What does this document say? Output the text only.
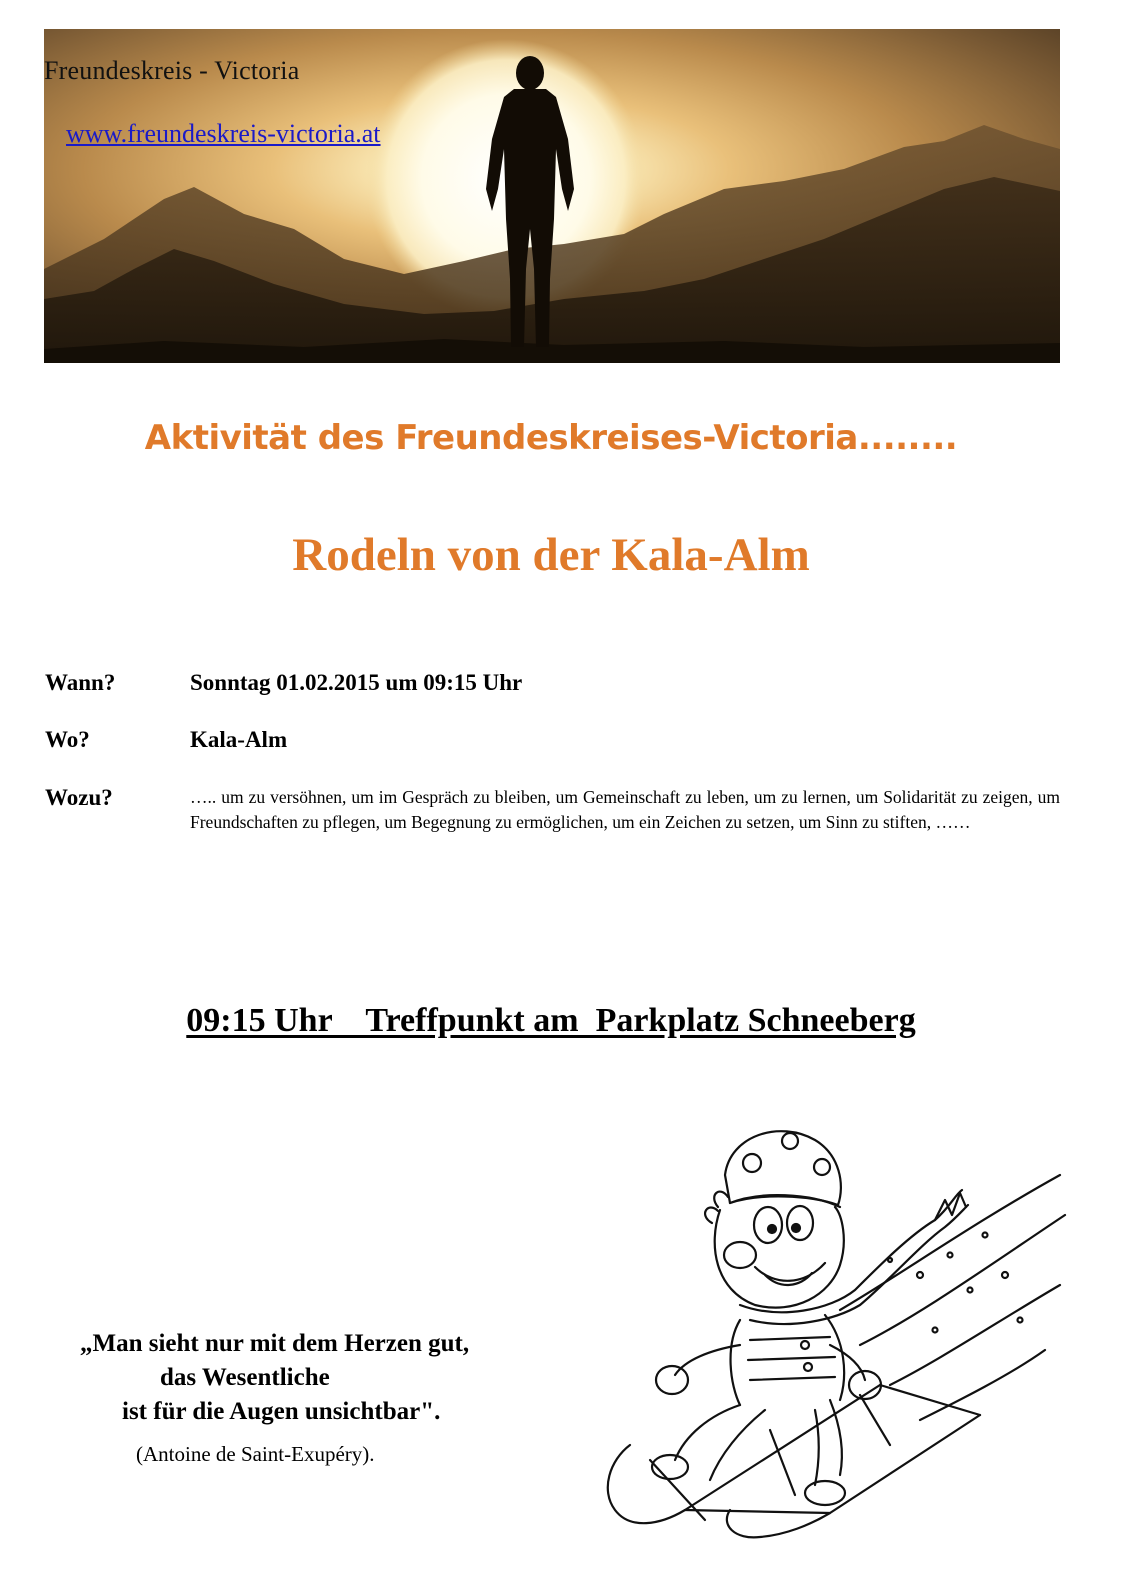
Freundeskreis - Victoria
www.freundeskreis-victoria.at
Aktivität des Freundeskreises-Victoria........
Rodeln von der Kala-Alm
Wann?	Sonntag 01.02.2015 um 09:15 Uhr
Wo?	Kala-Alm
Wozu?	….. um zu versöhnen, um im Gespräch zu bleiben, um Gemeinschaft zu leben, um zu lernen, um Solidarität zu zeigen, um Freundschaften zu pflegen, um Begegnung zu ermöglichen, um ein Zeichen zu setzen, um Sinn zu stiften, ……
09:15 Uhr    Treffpunkt am  Parkplatz Schneeberg
„Man sieht nur mit dem Herzen gut,
das Wesentliche
ist für die Augen unsichtbar".
(Antoine de Saint-Exupéry).
